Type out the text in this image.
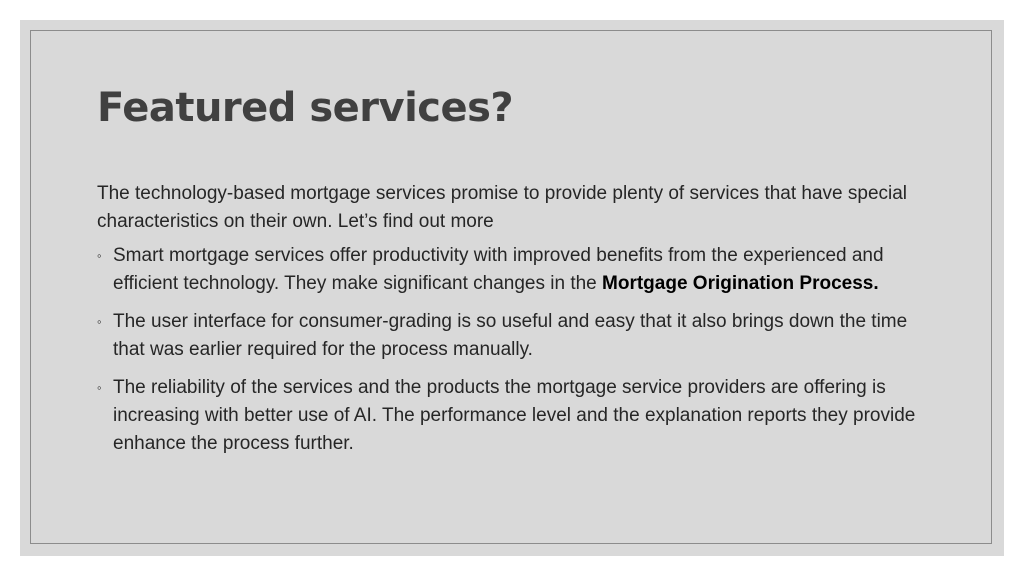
Featured services?

The technology-based mortgage services promise to provide plenty of services that have special characteristics on their own. Let’s find out more

◦ Smart mortgage services offer productivity with improved benefits from the experienced and efficient technology. They make significant changes in the Mortgage Origination Process.
◦ The user interface for consumer-grading is so useful and easy that it also brings down the time that was earlier required for the process manually.
◦ The reliability of the services and the products the mortgage service providers are offering is increasing with better use of AI. The performance level and the explanation reports they provide enhance the process further.
